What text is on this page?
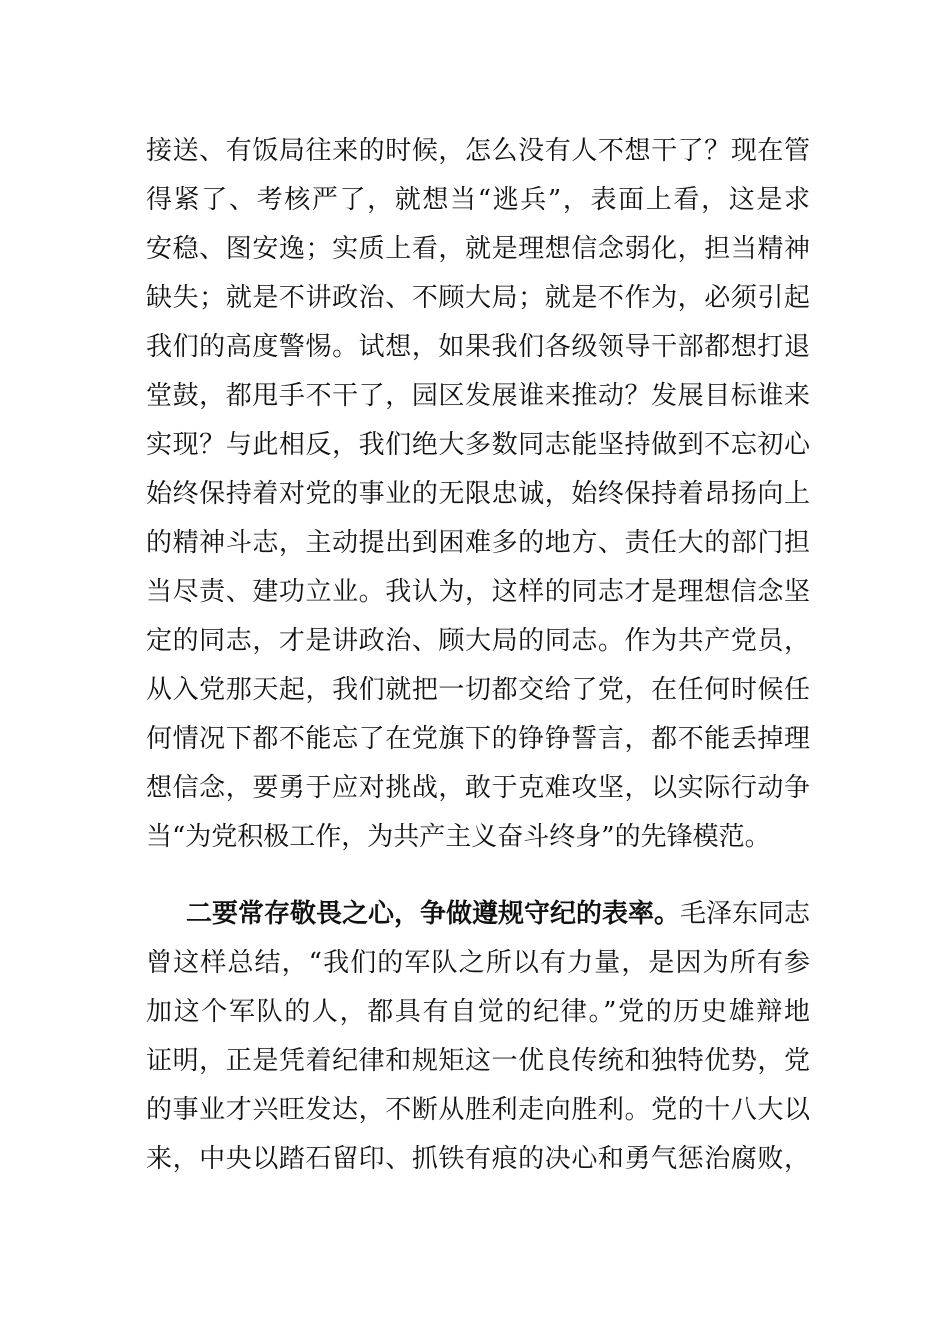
接送、有饭局往来的时候，怎么没有人不想干了？现在管
得紧了、考核严了，就想当“逃兵”，表面上看，这是求
安稳、图安逸；实质上看，就是理想信念弱化，担当精神
缺失；就是不讲政治、不顾大局；就是不作为，必须引起
我们的高度警惕。试想，如果我们各级领导干部都想打退
堂鼓，都甩手不干了，园区发展谁来推动？发展目标谁来
实现？与此相反，我们绝大多数同志能坚持做到不忘初心
始终保持着对党的事业的无限忠诚，始终保持着昂扬向上
的精神斗志，主动提出到困难多的地方、责任大的部门担
当尽责、建功立业。我认为，这样的同志才是理想信念坚
定的同志，才是讲政治、顾大局的同志。作为共产党员，
从入党那天起，我们就把一切都交给了党，在任何时候任
何情况下都不能忘了在党旗下的铮铮誓言，都不能丢掉理
想信念，要勇于应对挑战，敢于克难攻坚，以实际行动争
当“为党积极工作，为共产主义奋斗终身”的先锋模范。
二要常存敬畏之心，争做遵规守纪的表率。毛泽东同志
曾这样总结，“我们的军队之所以有力量，是因为所有参
加这个军队的人，都具有自觉的纪律。”党的历史雄辩地
证明，正是凭着纪律和规矩这一优良传统和独特优势，党
的事业才兴旺发达，不断从胜利走向胜利。党的十八大以
来，中央以踏石留印、抓铁有痕的决心和勇气惩治腐败，
